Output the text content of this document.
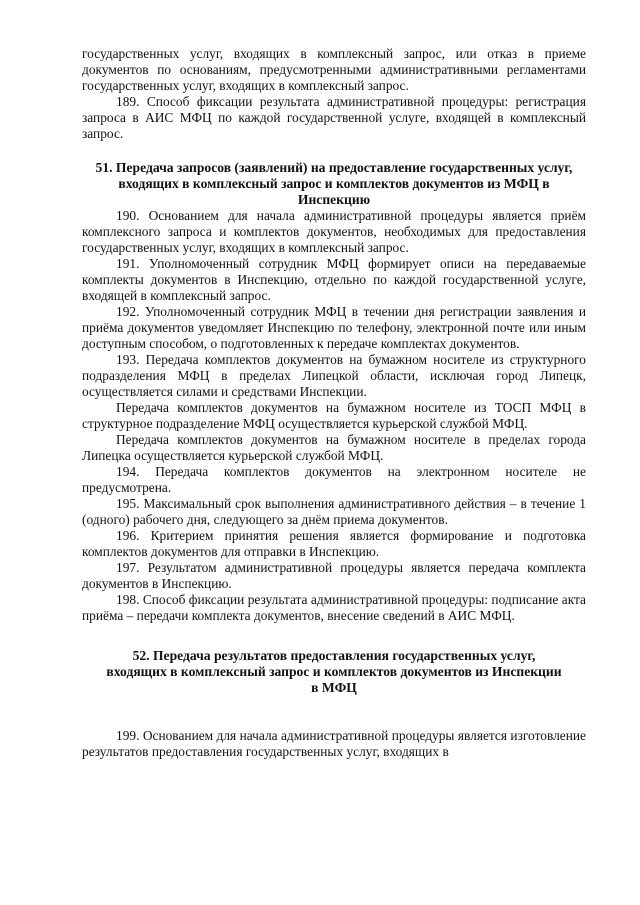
государственных услуг, входящих в комплексный запрос, или отказ в приеме документов по основаниям, предусмотренными административными регламентами государственных услуг, входящих в комплексный запрос.

189. Способ фиксации результата административной процедуры: регистрация запроса в АИС МФЦ по каждой государственной услуге, входящей в комплексный запрос.

51. Передача запросов (заявлений) на предоставление государственных услуг, входящих в комплексный запрос и комплектов документов из МФЦ в Инспекцию

190. Основанием для начала административной процедуры является приём комплексного запроса и комплектов документов, необходимых для предоставления государственных услуг, входящих в комплексный запрос.

191. Уполномоченный сотрудник МФЦ формирует описи на передаваемые комплекты документов в Инспекцию, отдельно по каждой государственной услуге, входящей в комплексный запрос.

192. Уполномоченный сотрудник МФЦ в течении дня регистрации заявления и приёма документов уведомляет Инспекцию по телефону, электронной почте или иным доступным способом, о подготовленных к передаче комплектах документов.

193. Передача комплектов документов на бумажном носителе из структурного подразделения МФЦ в пределах Липецкой области, исключая город Липецк, осуществляется силами и средствами Инспекции.

Передача комплектов документов на бумажном носителе из ТОСП МФЦ в структурное подразделение МФЦ осуществляется курьерской службой МФЦ.

Передача комплектов документов на бумажном носителе в пределах города Липецка осуществляется курьерской службой МФЦ.

194. Передача комплектов документов на электронном носителе не предусмотрена.

195. Максимальный срок выполнения административного действия – в течение 1 (одного) рабочего дня, следующего за днём приема документов.

196. Критерием принятия решения является формирование и подготовка комплектов документов для отправки в Инспекцию.

197. Результатом административной процедуры является передача комплекта документов в Инспекцию.

198. Способ фиксации результата административной процедуры: подписание акта приёма – передачи комплекта документов, внесение сведений в АИС МФЦ.

52. Передача результатов предоставления государственных услуг, входящих в комплексный запрос и комплектов документов из Инспекции в МФЦ

199. Основанием для начала административной процедуры является изготовление результатов предоставления государственных услуг, входящих в
